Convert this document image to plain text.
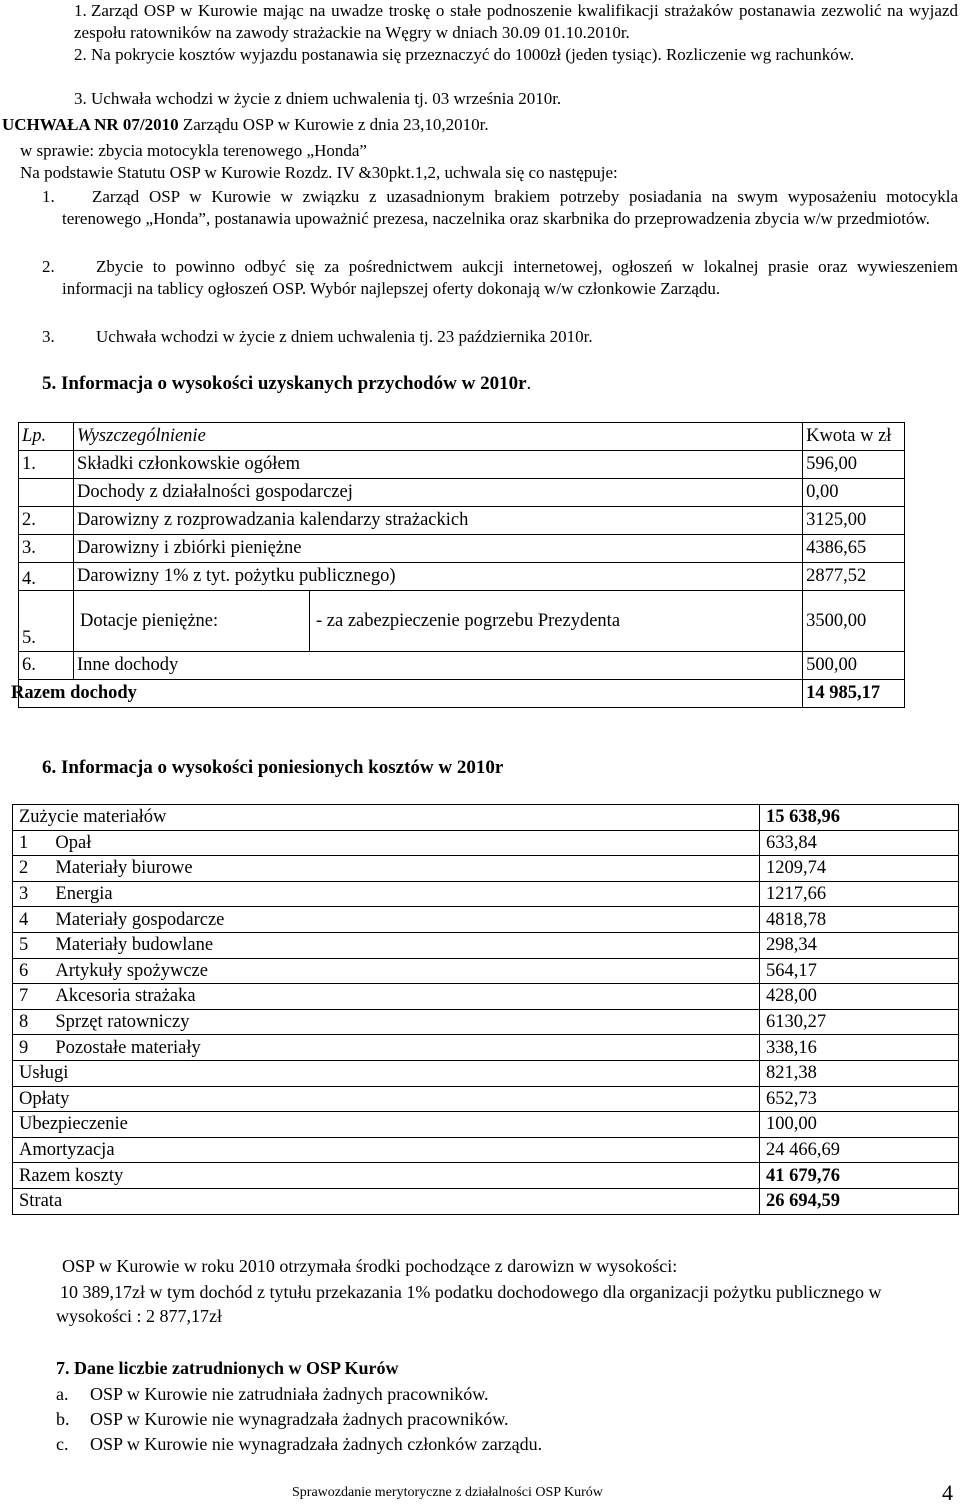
1. Zarząd OSP w Kurowie mając na uwadze troskę o stałe podnoszenie kwalifikacji strażaków postanawia zezwolić na wyjazd zespołu ratowników na zawody strażackie na Węgry w dniach 30.09 01.10.2010r.
2. Na pokrycie kosztów wyjazdu postanawia się przeznaczyć do 1000zł (jeden tysiąc). Rozliczenie wg rachunków.
3. Uchwała wchodzi w życie z dniem uchwalenia tj. 03 września 2010r.
UCHWAŁA NR 07/2010 Zarządu OSP w Kurowie z dnia 23,10,2010r.
w sprawie: zbycia motocykla terenowego „Honda”
Na podstawie Statutu OSP w Kurowie Rozdz. IV &30pkt.1,2, uchwala się co następuje:
1.	Zarząd OSP w Kurowie w związku z uzasadnionym brakiem potrzeby posiadania na swym wyposażeniu motocykla terenowego „Honda”, postanawia upoważnić prezesa, naczelnika oraz skarbnika do przeprowadzenia zbycia w/w przedmiotów.
2.	Zbycie to powinno odbyć się za pośrednictwem aukcji internetowej, ogłoszeń w lokalnej prasie oraz wywieszeniem informacji na tablicy ogłoszeń OSP. Wybór najlepszej oferty dokonają w/w członkowie Zarządu.
3.	Uchwała wchodzi w życie z dniem uchwalenia tj. 23 października 2010r.
5. Informacja o wysokości uzyskanych przychodów w 2010r.
Lp.	Wyszczególnienie		Kwota w zł
1.	Składki członkowskie ogółem		596,00
	Dochody z działalności gospodarczej		0,00
2.	Darowizny z rozprowadzania kalendarzy strażackich		3125,00
3.	Darowizny i zbiórki pieniężne		4386,65
4.	Darowizny 1% z tyt. pożytku publicznego)		2877,52
5.	Dotacje pieniężne:	- za zabezpieczenie pogrzebu Prezydenta	3500,00
6.	Inne dochody		500,00
Razem dochody			14 985,17
6. Informacja o wysokości poniesionych kosztów w 2010r
Zużycie materiałów		15 638,96
1	Opał	633,84
2	Materiały biurowe	1209,74
3	Energia	1217,66
4	Materiały gospodarcze	4818,78
5	Materiały budowlane	298,34
6	Artykuły spożywcze	564,17
7	Akcesoria strażaka	428,00
8	Sprzęt ratowniczy	6130,27
9	Pozostałe materiały	338,16
Usługi		821,38
Opłaty		652,73
Ubezpieczenie		100,00
Amortyzacja		24 466,69
Razem koszty		41 679,76
Strata		26 694,59
OSP w Kurowie w roku 2010 otrzymała środki pochodzące z darowizn w wysokości:
10 389,17zł w tym dochód z tytułu przekazania 1% podatku dochodowego dla organizacji pożytku publicznego w wysokości : 2 877,17zł
7. Dane liczbie zatrudnionych w OSP Kurów
a. OSP w Kurowie nie zatrudniała żadnych pracowników.
b. OSP w Kurowie nie wynagradzała żadnych pracowników.
c. OSP w Kurowie nie wynagradzała żadnych członków zarządu.
Sprawozdanie merytoryczne z działalności OSP Kurów	4
